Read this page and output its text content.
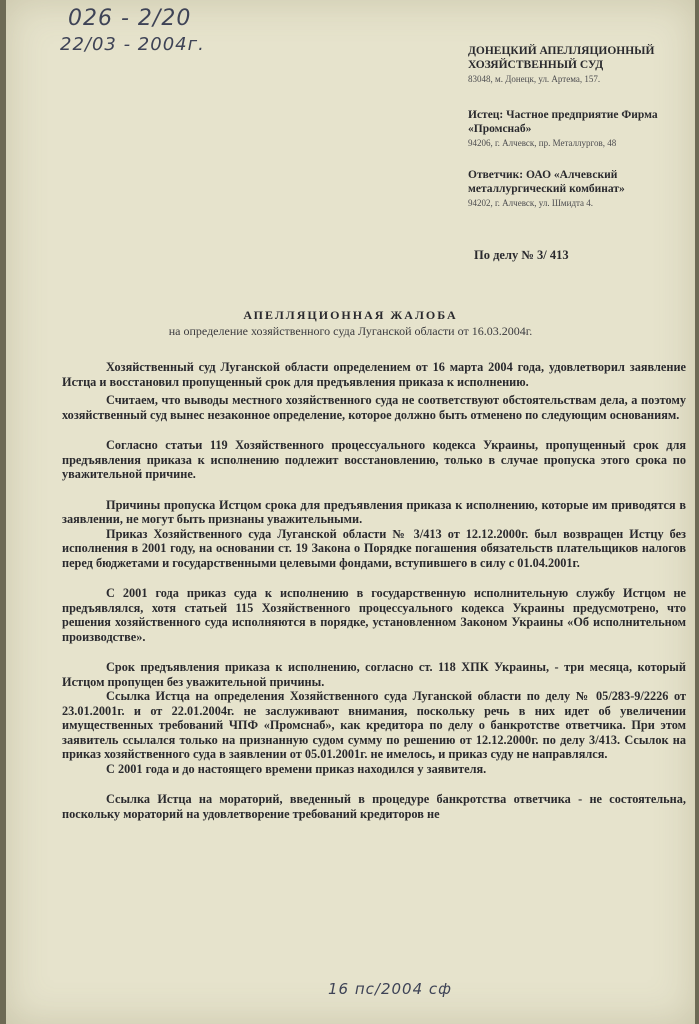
026 - 2/20
22/03 - 2004г.	ДОНЕЦКИЙ АПЕЛЛЯЦИОННЫЙ ХОЗЯЙСТВЕННЫЙ СУД
83048, м. Донецк, ул. Артема, 157.
Истец: Частное предприятие Фирма «Промснаб»
94206, г. Алчевск, пр. Металлургов, 48
Ответчик: ОАО «Алчевский металлургический комбинат»
94202, г. Алчевск, ул. Шмидта 4.
По делу № 3/ 413
АПЕЛЛЯЦИОННАЯ ЖАЛОБА
на определение хозяйственного суда Луганской области от 16.03.2004г.

Хозяйственный суд Луганской области определением от 16 марта 2004 года, удовлетворил заявление Истца и восстановил пропущенный срок для предъявления приказа к исполнению.

Считаем, что выводы местного хозяйственного суда не соответствуют обстоятельствам дела, а поэтому хозяйственный суд вынес незаконное определение, которое должно быть отменено по следующим основаниям.

Согласно статьи 119 Хозяйственного процессуального кодекса Украины, пропущенный срок для предъявления приказа к исполнению подлежит восстановлению, только в случае пропуска этого срока по уважительной причине.

Причины пропуска Истцом срока для предъявления приказа к исполнению, которые им приводятся в заявлении, не могут быть признаны уважительными.

Приказ Хозяйственного суда Луганской области № 3/413 от 12.12.2000г. был возвращен Истцу без исполнения в 2001 году, на основании ст. 19 Закона о Порядке погашения обязательств плательщиков налогов перед бюджетами и государственными целевыми фондами, вступившего в силу с 01.04.2001г.

С 2001 года приказ суда к исполнению в государственную исполнительную службу Истцом не предъявлялся, хотя статьей 115 Хозяйственного процессуального кодекса Украины предусмотрено, что решения хозяйственного суда исполняются в порядке, установленном Законом Украины «Об исполнительном производстве».

Срок предъявления приказа к исполнению, согласно ст. 118 ХПК Украины, - три месяца, который Истцом пропущен без уважительной причины.

Ссылка Истца на определения Хозяйственного суда Луганской области по делу № 05/283-9/2226 от 23.01.2001г. и от 22.01.2004г. не заслуживают внимания, поскольку речь в них идет об увеличении имущественных требований ЧПФ «Промснаб», как кредитора по делу о банкротстве ответчика. При этом заявитель ссылался только на признанную судом сумму по решению от 12.12.2000г. по делу 3/413. Ссылок на приказ хозяйственного суда в заявлении от 05.01.2001г. не имелось, и приказ суду не направлялся.

С 2001 года и до настоящего времени приказ находился у заявителя.

Ссылка Истца на мораторий, введенный в процедуре банкротства ответчика - не состоятельна, поскольку мораторий на удовлетворение требований кредиторов не

16 пс/2004 сф
